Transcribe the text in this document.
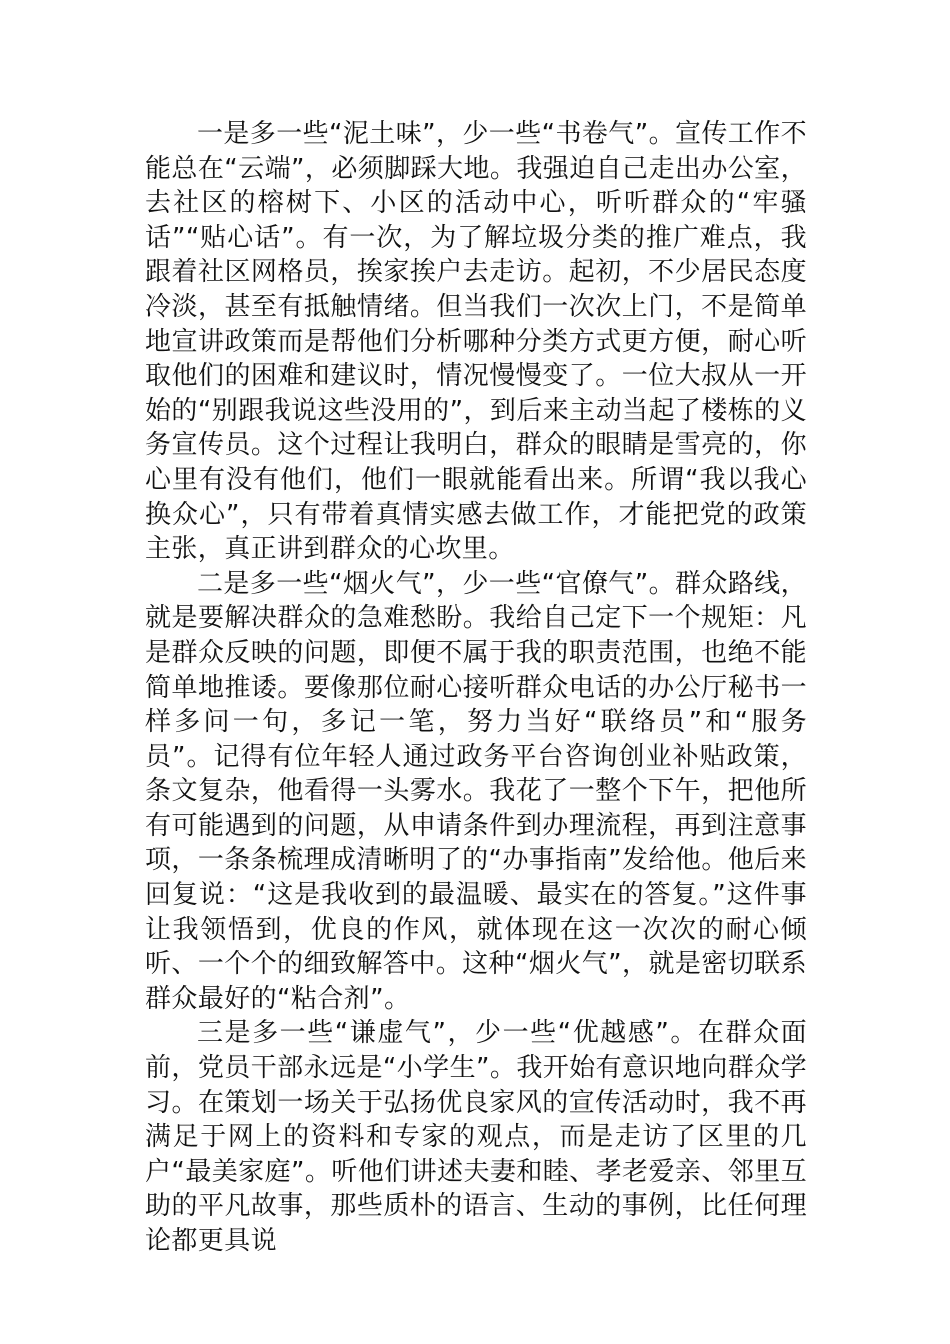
一是多一些“泥土味”，少一些“书卷气”。宣传工作不能总在“云端”，必须脚踩大地。我强迫自己走出办公室，去社区的榕树下、小区的活动中心，听听群众的“牢骚话”“贴心话”。有一次，为了解垃圾分类的推广难点，我跟着社区网格员，挨家挨户去走访。起初，不少居民态度冷淡，甚至有抵触情绪。但当我们一次次上门，不是简单地宣讲政策而是帮他们分析哪种分类方式更方便，耐心听取他们的困难和建议时，情况慢慢变了。一位大叔从一开始的“别跟我说这些没用的”，到后来主动当起了楼栋的义务宣传员。这个过程让我明白，群众的眼睛是雪亮的，你心里有没有他们，他们一眼就能看出来。所谓“我以我心换众心”，只有带着真情实感去做工作，才能把党的政策主张，真正讲到群众的心坎里。

二是多一些“烟火气”，少一些“官僚气”。群众路线，就是要解决群众的急难愁盼。我给自己定下一个规矩：凡是群众反映的问题，即便不属于我的职责范围，也绝不能简单地推诿。要像那位耐心接听群众电话的办公厅秘书一样多问一句，多记一笔，努力当好“联络员”和“服务员”。记得有位年轻人通过政务平台咨询创业补贴政策，条文复杂，他看得一头雾水。我花了一整个下午，把他所有可能遇到的问题，从申请条件到办理流程，再到注意事项，一条条梳理成清晰明了的“办事指南”发给他。他后来回复说：“这是我收到的最温暖、最实在的答复。”这件事让我领悟到，优良的作风，就体现在这一次次的耐心倾听、一个个的细致解答中。这种“烟火气”，就是密切联系群众最好的“粘合剂”。

三是多一些“谦虚气”，少一些“优越感”。在群众面前，党员干部永远是“小学生”。我开始有意识地向群众学习。在策划一场关于弘扬优良家风的宣传活动时，我不再满足于网上的资料和专家的观点，而是走访了区里的几户“最美家庭”。听他们讲述夫妻和睦、孝老爱亲、邻里互助的平凡故事，那些质朴的语言、生动的事例，比任何理论都更具说
